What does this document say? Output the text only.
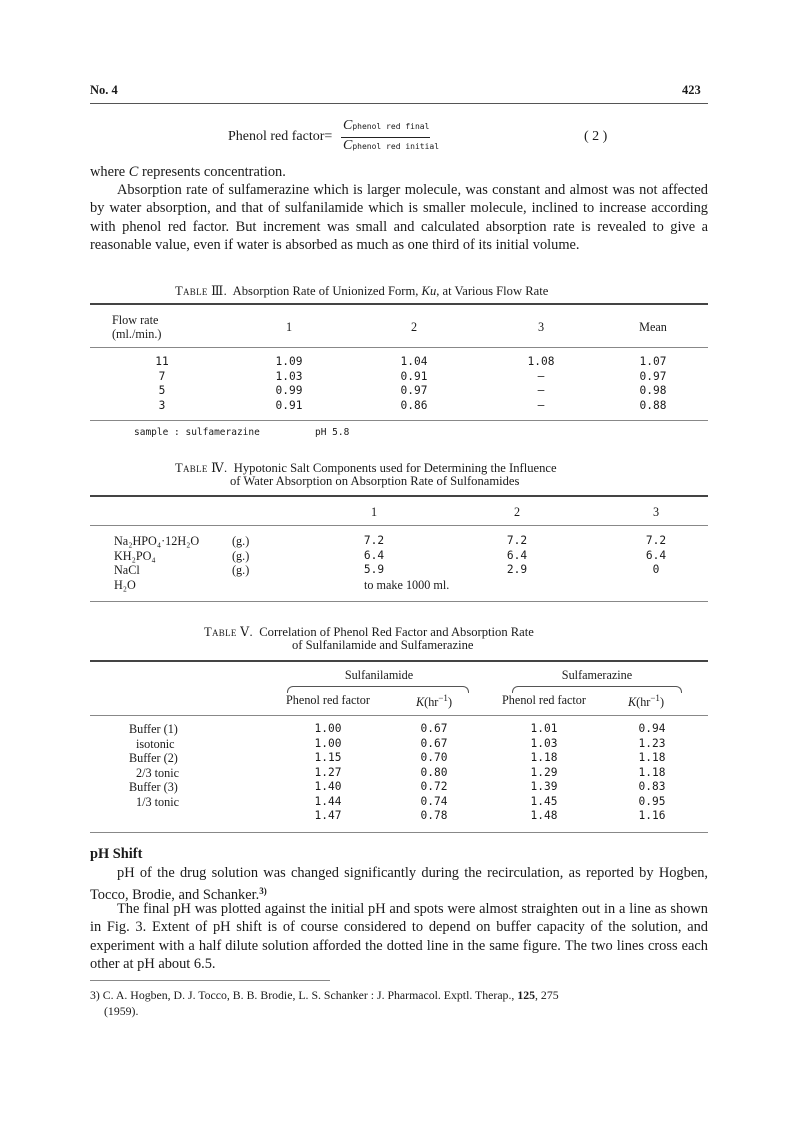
No. 4	423
Phenol red factor=
Cphenol red final
Cphenol red initial
( 2 )
where C represents concentration.
Absorption rate of sulfamerazine which is larger molecule, was constant and almost was not affected by water absorption, and that of sulfanilamide which is smaller molecule, inclined to increase according with phenol red factor. But increment was small and calculated absorption rate is revealed to give a reasonable value, even if water is absorbed as much as one third of its initial volume.
Table Ⅲ. Absorption Rate of Unionized Form, Ku, at Various Flow Rate
Flow rate
(ml./min.)	1	2	3	Mean
11	1.09	1.04	1.08	1.07
7	1.03	0.91	—	0.97
5	0.99	0.97	—	0.98
3	0.91	0.86	—	0.88
sample : sulfamerazine	pH 5.8
Table Ⅳ. Hypotonic Salt Components used for Determining the Influence
of Water Absorption on Absorption Rate of Sulfonamides
1	2	3
Na₂HPO₄·12H₂O	(g.)	7.2	7.2	7.2
KH₂PO₄	(g.)	6.4	6.4	6.4
NaCl	(g.)	5.9	2.9	0
H₂O	to make 1000 ml.
Table Ⅴ. Correlation of Phenol Red Factor and Absorption Rate
of Sulfanilamide and Sulfamerazine
Sulfanilamide	Sulfamerazine
Phenol red factor	$K(hr^{-1})$	Phenol red factor	$K(hr^{-1})$
Buffer (1)	1.00	0.67	1.01	0.94
isotonic	1.00	0.67	1.03	1.23
Buffer (2)	1.15	0.70	1.18	1.18
2/3 tonic	1.27	0.80	1.29	1.18
Buffer (3)	1.40	0.72	1.39	0.83
1/3 tonic	1.44	0.74	1.45	0.95
1.47	0.78	1.48	1.16
pH Shift
pH of the drug solution was changed significantly during the recirculation, as reported by Hogben, Tocco, Brodie, and Schanker.$^{3)}$
The final pH was plotted against the initial pH and spots were almost straighten out in a line as shown in Fig. 3. Extent of pH shift is of course considered to depend on buffer capacity of the solution, and experiment with a half dilute solution afforded the dotted line in the same figure. The two lines cross each other at pH about 6.5.
3) C. A. Hogben, D. J. Tocco, B. B. Brodie, L. S. Schanker : J. Pharmacol. Exptl. Therap., 125, 275
(1959).
